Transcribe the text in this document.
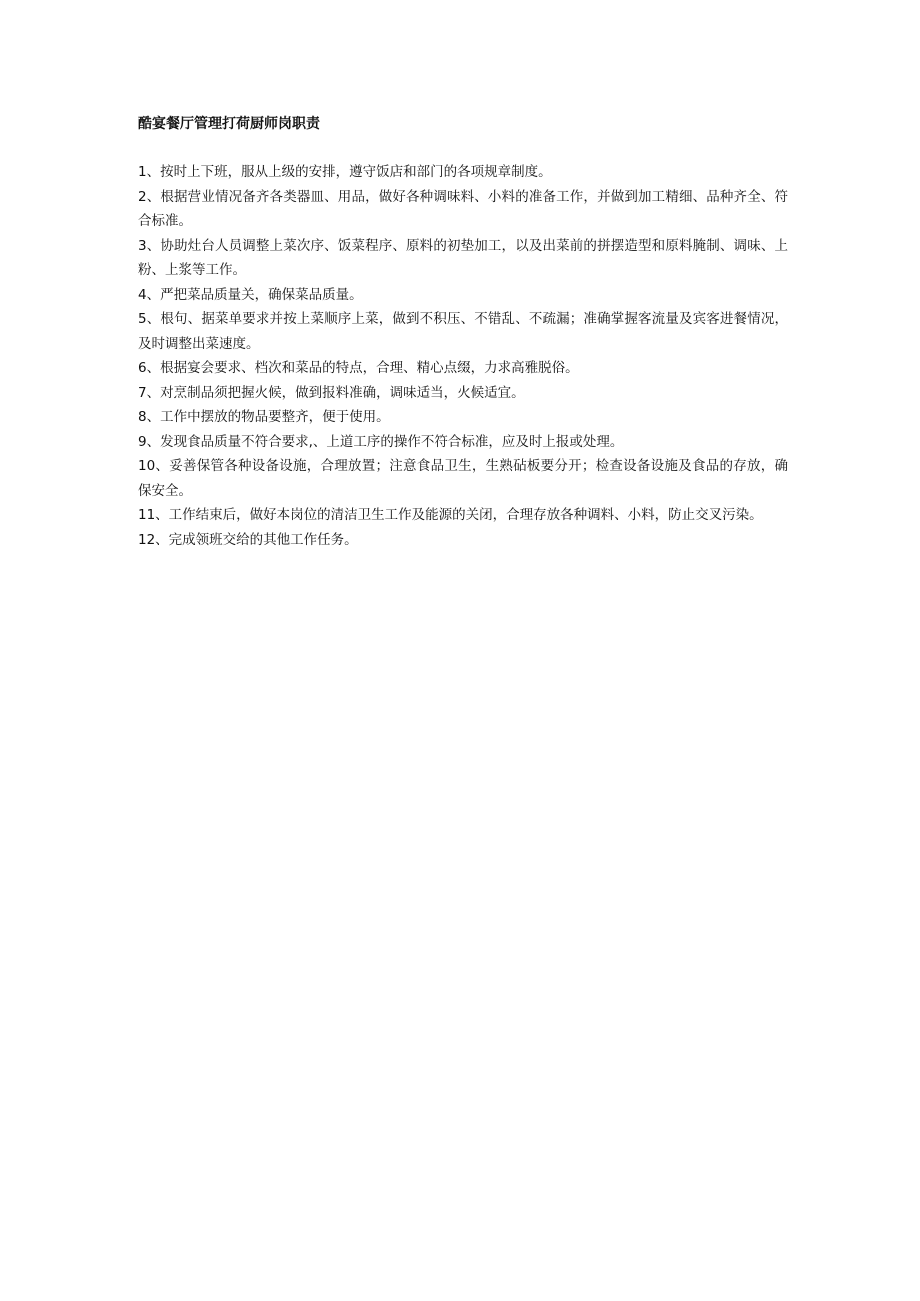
酷宴餐厅管理打荷厨师岗职责
1、按时上下班，服从上级的安排，遵守饭店和部门的各项规章制度。
2、根据营业情况备齐各类器皿、用品，做好各种调味料、小料的准备工作，并做到加工精细、品种齐全、符合标准。
3、协助灶台人员调整上菜次序、饭菜程序、原料的初垫加工，以及出菜前的拼摆造型和原料腌制、调味、上粉、上浆等工作。
4、严把菜品质量关，确保菜品质量。
5、根句、据菜单要求并按上菜顺序上菜，做到不积压、不错乱、不疏漏；准确掌握客流量及宾客进餐情况，及时调整出菜速度。
6、根据宴会要求、档次和菜品的特点，合理、精心点缀，力求高雅脱俗。
7、对烹制品须把握火候，做到报料准确，调味适当，火候适宜。
8、工作中摆放的物品要整齐，便于使用。
9、发现食品质量不符合要求,、上道工序的操作不符合标准，应及时上报或处理。
10、妥善保管各种设备设施，合理放置；注意食品卫生，生熟砧板要分开；检查设备设施及食品的存放，确保安全。
11、工作结束后，做好本岗位的清洁卫生工作及能源的关闭，合理存放各种调料、小料，防止交叉污染。
12、完成领班交给的其他工作任务。
